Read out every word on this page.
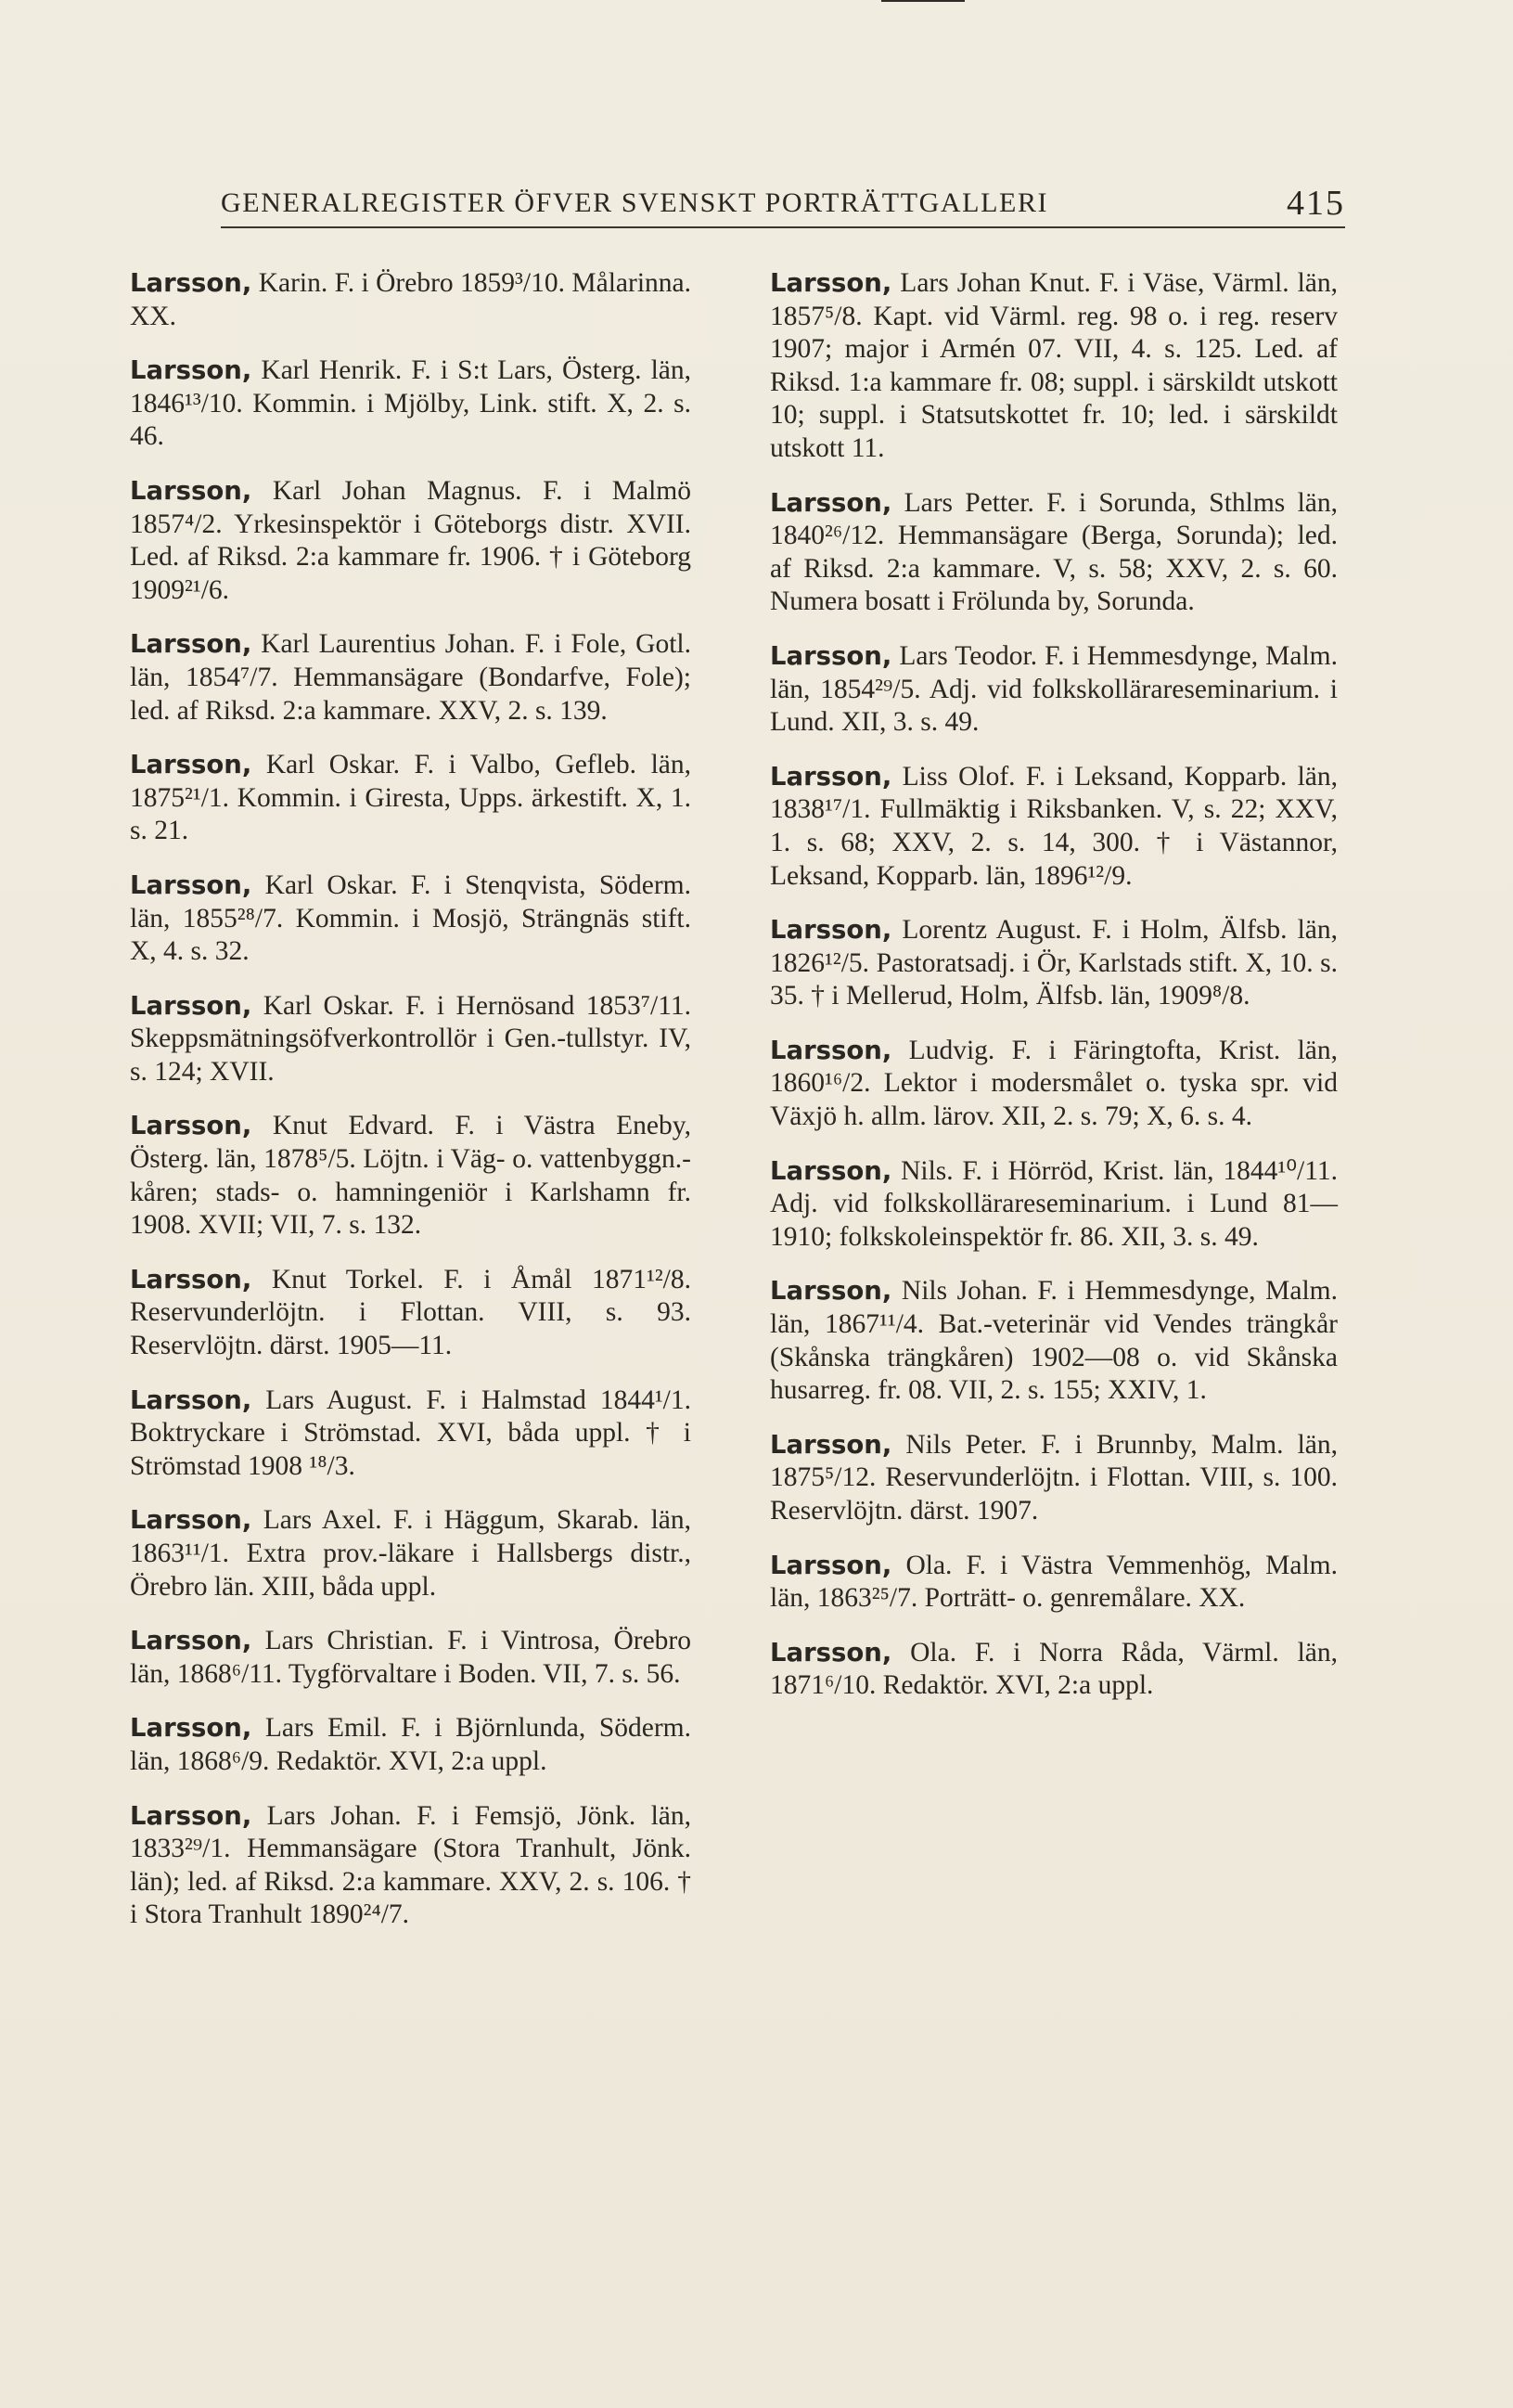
GENERALREGISTER ÖFVER SVENSKT PORTRÄTTGALLERI	415

Larsson, Karin. F. i Örebro 1859³/10. Målarinna. XX.

Larsson, Karl Henrik. F. i S:t Lars, Österg. län, 1846¹³/10. Kommin. i Mjölby, Link. stift. X, 2. s. 46.

Larsson, Karl Johan Magnus. F. i Malmö 1857⁴/2. Yrkesinspektör i Göteborgs distr. XVII. Led. af Riksd. 2:a kammare fr. 1906. † i Göteborg 1909²¹/6.

Larsson, Karl Laurentius Johan. F. i Fole, Gotl. län, 1854⁷/7. Hemmansägare (Bondarfve, Fole); led. af Riksd. 2:a kammare. XXV, 2. s. 139.

Larsson, Karl Oskar. F. i Valbo, Gefleb. län, 1875²¹/1. Kommin. i Giresta, Upps. ärkestift. X, 1. s. 21.

Larsson, Karl Oskar. F. i Stenqvista, Söderm. län, 1855²⁸/7. Kommin. i Mosjö, Strängnäs stift. X, 4. s. 32.

Larsson, Karl Oskar. F. i Hernösand 1853⁷/11. Skeppsmätningsöfverkontrollör i Gen.-tullstyr. IV, s. 124; XVII.

Larsson, Knut Edvard. F. i Västra Eneby, Österg. län, 1878⁵/5. Löjtn. i Väg- o. vattenbyggn.-kåren; stads- o. hamningeniör i Karlshamn fr. 1908. XVII; VII, 7. s. 132.

Larsson, Knut Torkel. F. i Åmål 1871¹²/8. Reservunderlöjtn. i Flottan. VIII, s. 93. Reservlöjtn. därst. 1905—11.

Larsson, Lars August. F. i Halmstad 1844¹/1. Boktryckare i Strömstad. XVI, båda uppl. † i Strömstad 1908 ¹⁸/3.

Larsson, Lars Axel. F. i Häggum, Skarab. län, 1863¹¹/1. Extra prov.-läkare i Hallsbergs distr., Örebro län. XIII, båda uppl.

Larsson, Lars Christian. F. i Vintrosa, Örebro län, 1868⁶/11. Tygförvaltare i Boden. VII, 7. s. 56.

Larsson, Lars Emil. F. i Björnlunda, Söderm. län, 1868⁶/9. Redaktör. XVI, 2:a uppl.

Larsson, Lars Johan. F. i Femsjö, Jönk. län, 1833²⁹/1. Hemmansägare (Stora Tranhult, Jönk. län); led. af Riksd. 2:a kammare. XXV, 2. s. 106. † i Stora Tranhult 1890²⁴/7.

Larsson, Lars Johan Knut. F. i Väse, Värml. län, 1857⁵/8. Kapt. vid Värml. reg. 98 o. i reg. reserv 1907; major i Armén 07. VII, 4. s. 125. Led. af Riksd. 1:a kammare fr. 08; suppl. i särskildt utskott 10; suppl. i Statsutskottet fr. 10; led. i särskildt utskott 11.

Larsson, Lars Petter. F. i Sorunda, Sthlms län, 1840²⁶/12. Hemmansägare (Berga, Sorunda); led. af Riksd. 2:a kammare. V, s. 58; XXV, 2. s. 60. Numera bosatt i Frölunda by, Sorunda.

Larsson, Lars Teodor. F. i Hemmesdynge, Malm. län, 1854²⁹/5. Adj. vid folkskollärareseminarium. i Lund. XII, 3. s. 49.

Larsson, Liss Olof. F. i Leksand, Kopparb. län, 1838¹⁷/1. Fullmäktig i Riksbanken. V, s. 22; XXV, 1. s. 68; XXV, 2. s. 14, 300. † i Västannor, Leksand, Kopparb. län, 1896¹²/9.

Larsson, Lorentz August. F. i Holm, Älfsb. län, 1826¹²/5. Pastoratsadj. i Ör, Karlstads stift. X, 10. s. 35. † i Mellerud, Holm, Älfsb. län, 1909⁸/8.

Larsson, Ludvig. F. i Färingtofta, Krist. län, 1860¹⁶/2. Lektor i modersmålet o. tyska spr. vid Växjö h. allm. lärov. XII, 2. s. 79; X, 6. s. 4.

Larsson, Nils. F. i Hörröd, Krist. län, 1844¹⁰/11. Adj. vid folkskollärareseminarium. i Lund 81—1910; folkskoleinspektör fr. 86. XII, 3. s. 49.

Larsson, Nils Johan. F. i Hemmesdynge, Malm. län, 1867¹¹/4. Bat.-veterinär vid Vendes trängkår (Skånska trängkåren) 1902—08 o. vid Skånska husarreg. fr. 08. VII, 2. s. 155; XXIV, 1.

Larsson, Nils Peter. F. i Brunnby, Malm. län, 1875⁵/12. Reservunderlöjtn. i Flottan. VIII, s. 100. Reservlöjtn. därst. 1907.

Larsson, Ola. F. i Västra Vemmenhög, Malm. län, 1863²⁵/7. Porträtt- o. genremålare. XX.

Larsson, Ola. F. i Norra Råda, Värml. län, 1871⁶/10. Redaktör. XVI, 2:a uppl.
